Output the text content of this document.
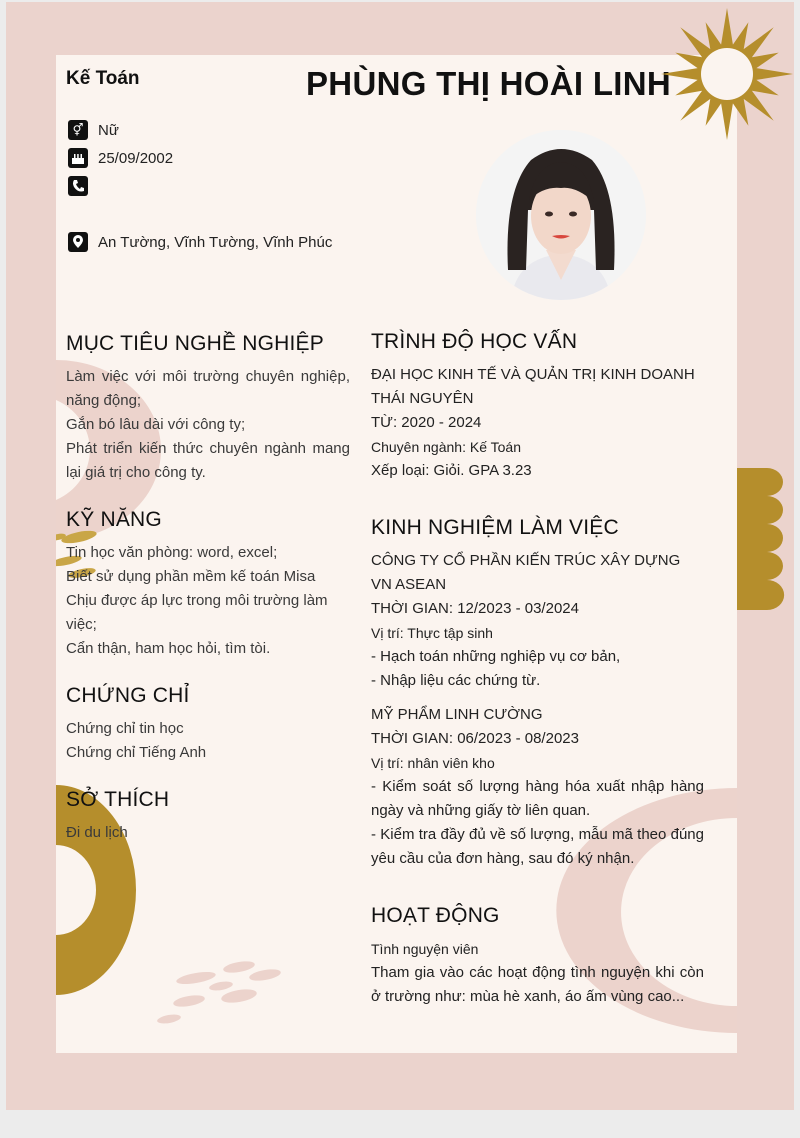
Kế Toán	PHÙNG THỊ HOÀI LINH
⚥ Nữ
25/09/2002
An Tường, Vĩnh Tường, Vĩnh Phúc
MỤC TIÊU NGHỀ NGHIỆP
Làm việc với môi trường chuyên nghiệp, năng động;
Gắn bó lâu dài với công ty;
Phát triển kiến thức chuyên ngành mang lại giá trị cho công ty.
KỸ NĂNG
Tin học văn phòng: word, excel;
Biết sử dụng phần mềm kế toán Misa
Chịu được áp lực trong môi trường làm việc;
Cẩn thận, ham học hỏi, tìm tòi.
CHỨNG CHỈ
Chứng chỉ tin học
Chứng chỉ Tiếng Anh
SỞ THÍCH
Đi du lịch
TRÌNH ĐỘ HỌC VẤN
ĐẠI HỌC KINH TẾ VÀ QUẢN TRỊ KINH DOANH THÁI NGUYÊN
TỪ: 2020 - 2024
Chuyên ngành: Kế Toán
Xếp loại: Giỏi. GPA 3.23
KINH NGHIỆM LÀM VIỆC
CÔNG TY CỔ PHẦN KIẾN TRÚC XÂY DỰNG VN ASEAN
THỜI GIAN: 12/2023 - 03/2024
Vị trí: Thực tập sinh
- Hạch toán những nghiệp vụ cơ bản,
- Nhập liệu các chứng từ.
MỸ PHẨM LINH CƯỜNG
THỜI GIAN: 06/2023 - 08/2023
Vị trí: nhân viên kho
- Kiểm soát số lượng hàng hóa xuất nhập hàng ngày và những giấy tờ liên quan.
- Kiểm tra đầy đủ về số lượng, mẫu mã theo đúng yêu cầu của đơn hàng, sau đó ký nhận.
HOẠT ĐỘNG
Tình nguyện viên
Tham gia vào các hoạt động tình nguyện khi còn ở trường như: mùa hè xanh, áo ấm vùng cao...
